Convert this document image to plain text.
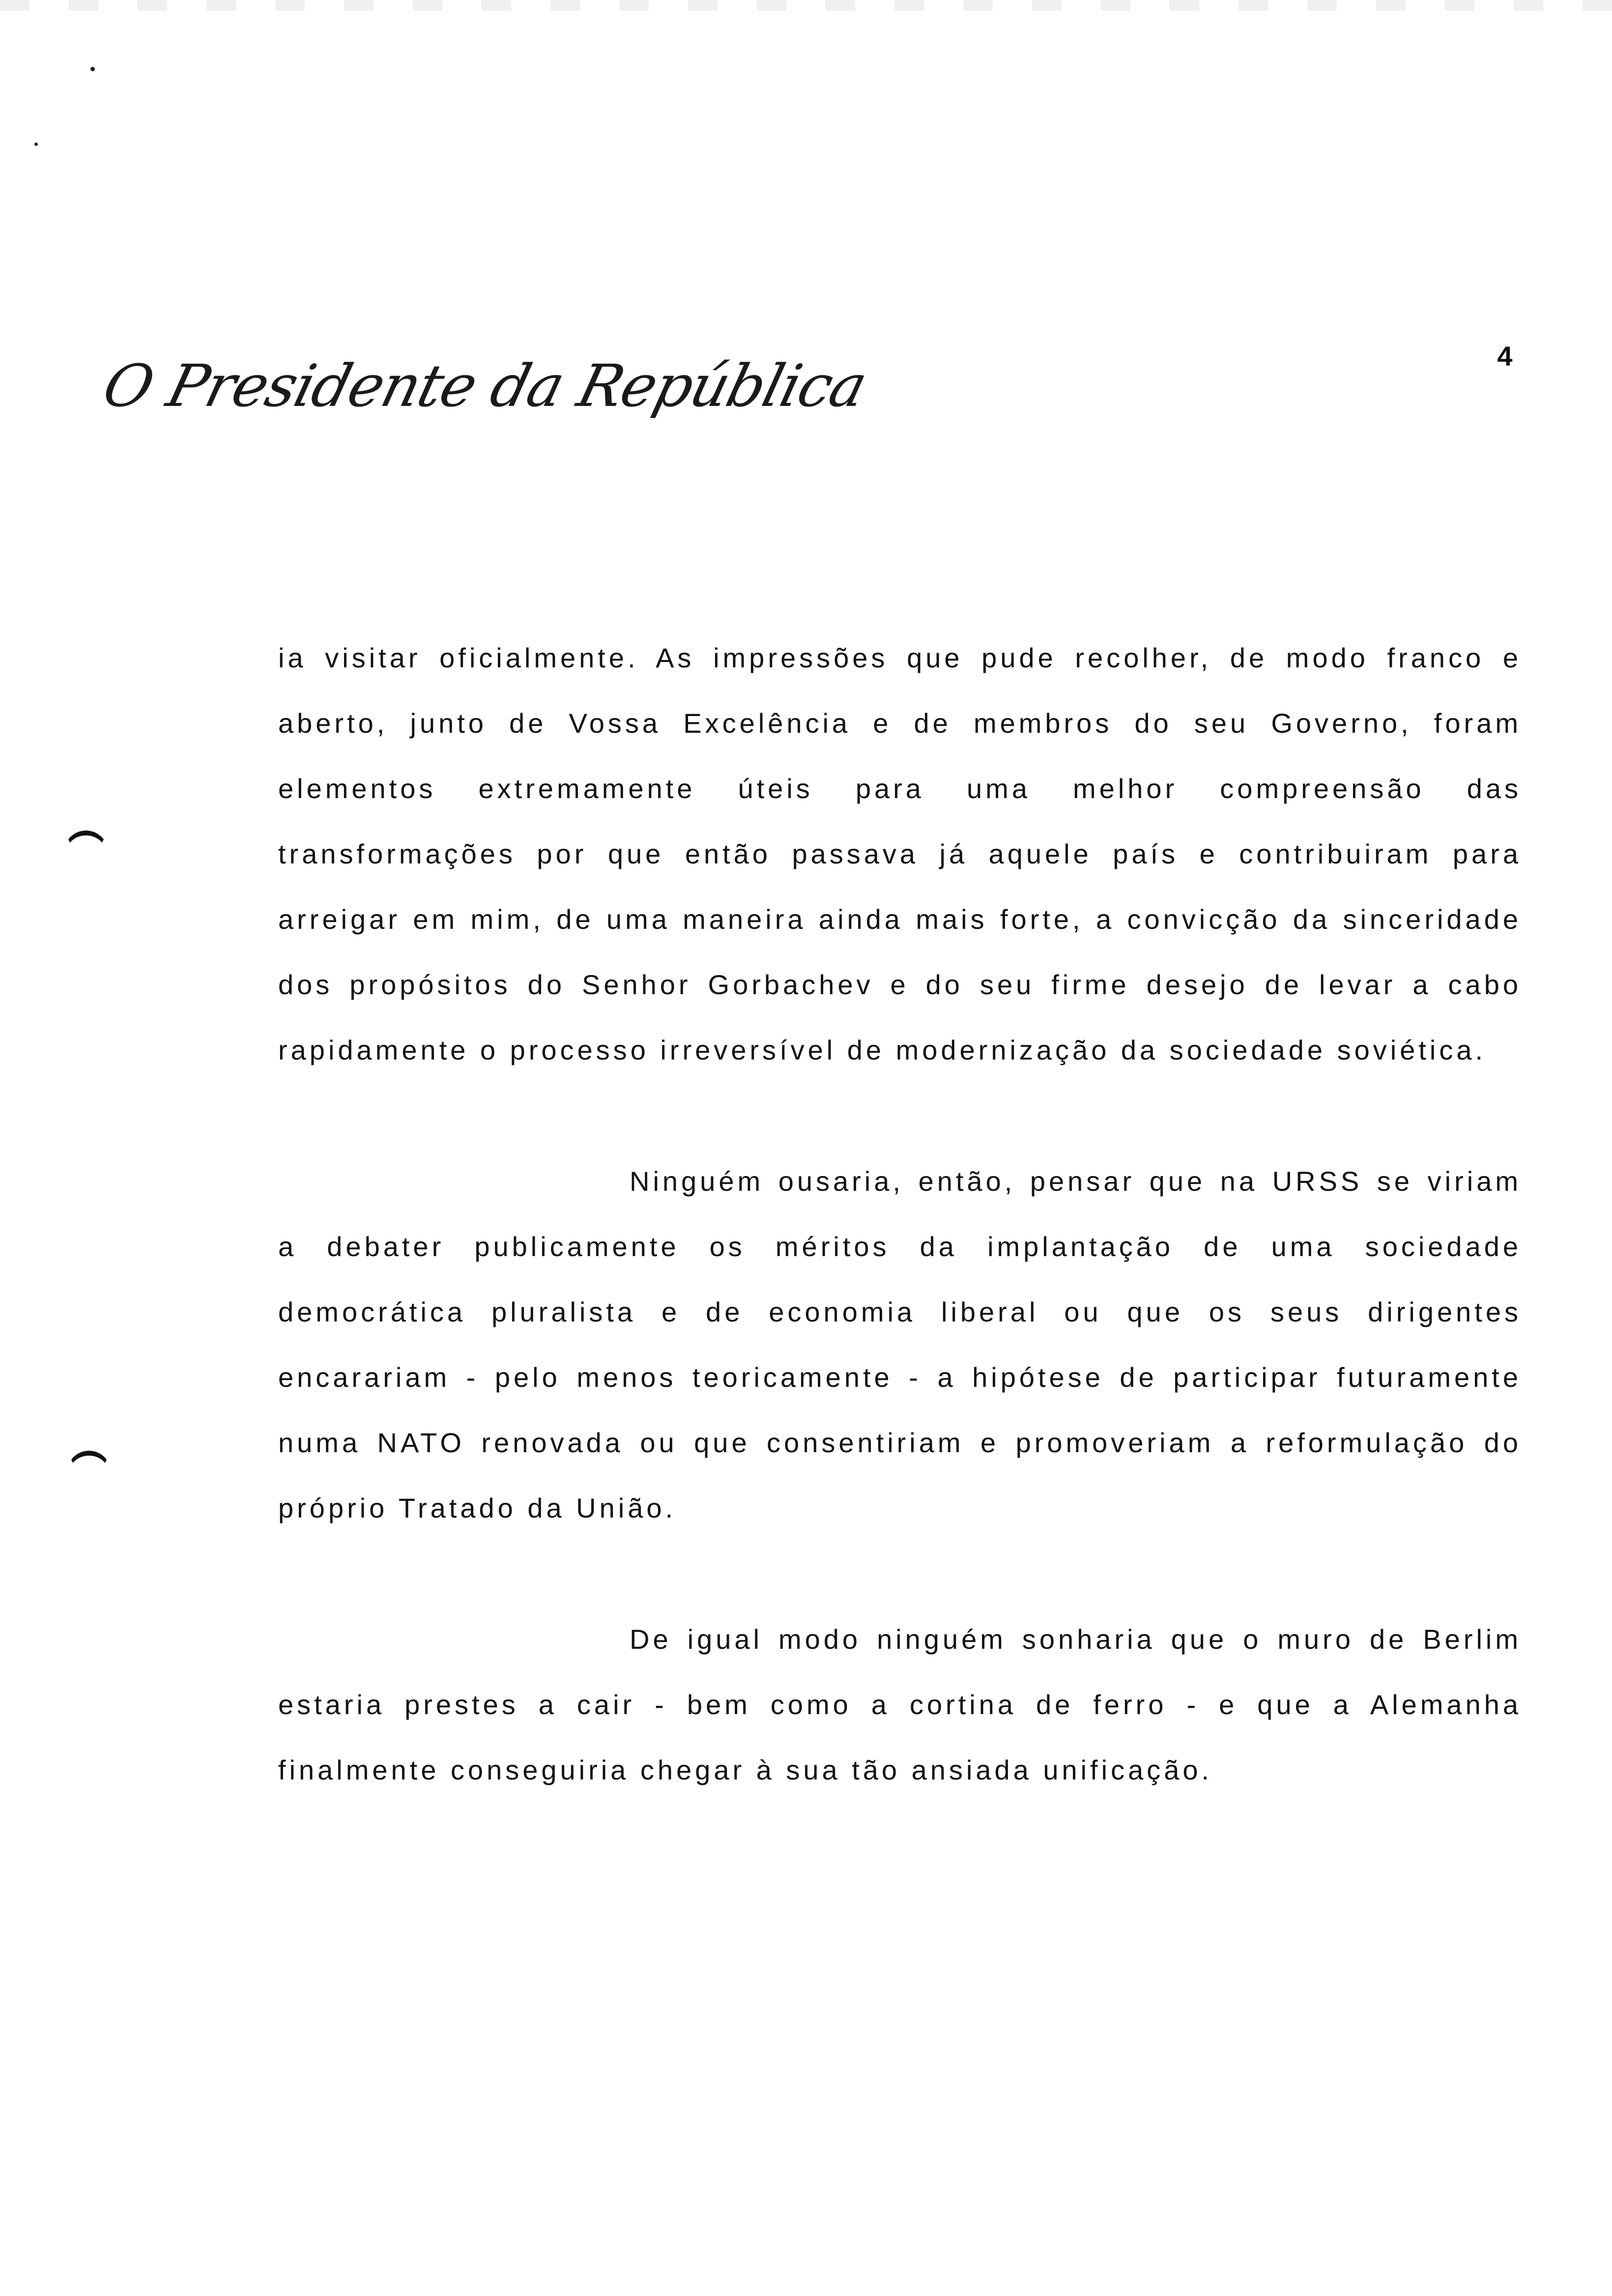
O Presidente da República	4

ia visitar oficialmente. As impressões que pude recolher, de modo franco e aberto, junto de Vossa Excelência e de membros do seu Governo, foram elementos extremamente úteis para uma melhor compreensão das transformações por que então passava já aquele país e contribuiram para arreigar em mim, de uma maneira ainda mais forte, a convicção da sinceridade dos propósitos do Senhor Gorbachev e do seu firme desejo de levar a cabo rapidamente o processo irreversível de modernização da sociedade soviética.

Ninguém ousaria, então, pensar que na URSS se viriam a debater publicamente os méritos da implantação de uma sociedade democrática pluralista e de economia liberal ou que os seus dirigentes encarariam - pelo menos teoricamente - a hipótese de participar futuramente numa NATO renovada ou que consentiriam e promoveriam a reformulação do próprio Tratado da União.

De igual modo ninguém sonharia que o muro de Berlim estaria prestes a cair - bem como a cortina de ferro - e que a Alemanha finalmente conseguiria chegar à sua tão ansiada unificação.
